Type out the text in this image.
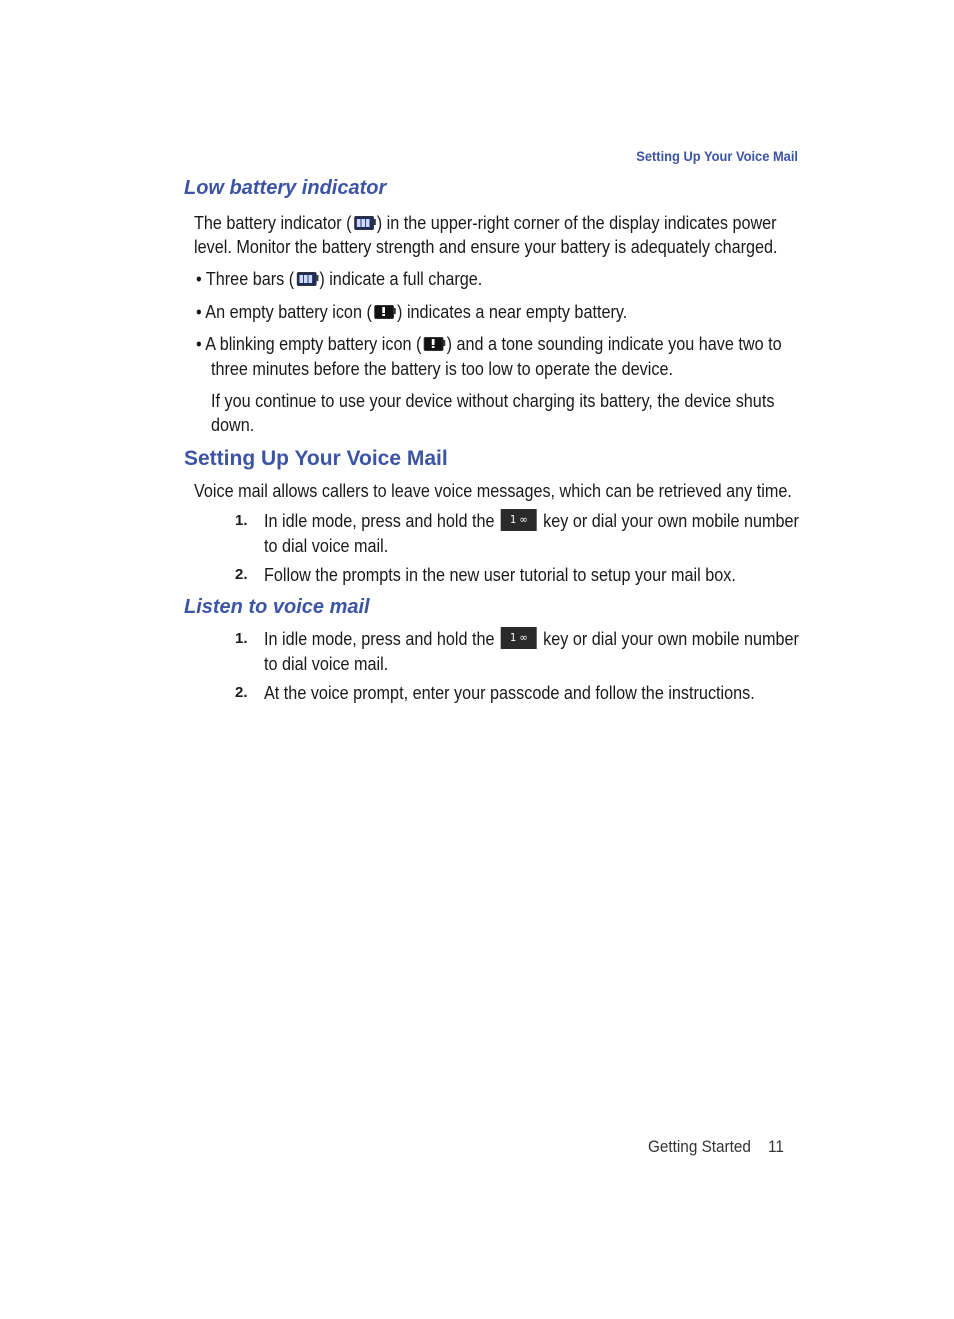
Setting Up Your Voice Mail
Low battery indicator
The battery indicator ( ) in the upper-right corner of the display indicates power
level. Monitor the battery strength and ensure your battery is adequately charged.
• Three bars ( ) indicate a full charge.
• An empty battery icon ( ) indicates a near empty battery.
• A blinking empty battery icon ( ) and a tone sounding indicate you have two to
three minutes before the battery is too low to operate the device.
If you continue to use your device without charging its battery, the device shuts
down.
Setting Up Your Voice Mail
Voice mail allows callers to leave voice messages, which can be retrieved any time.
1. In idle mode, press and hold the 1 ∞ key or dial your own mobile number
to dial voice mail.
2. Follow the prompts in the new user tutorial to setup your mail box.
Listen to voice mail
1. In idle mode, press and hold the 1 ∞ key or dial your own mobile number
to dial voice mail.
2. At the voice prompt, enter your passcode and follow the instructions.
Getting Started 11
